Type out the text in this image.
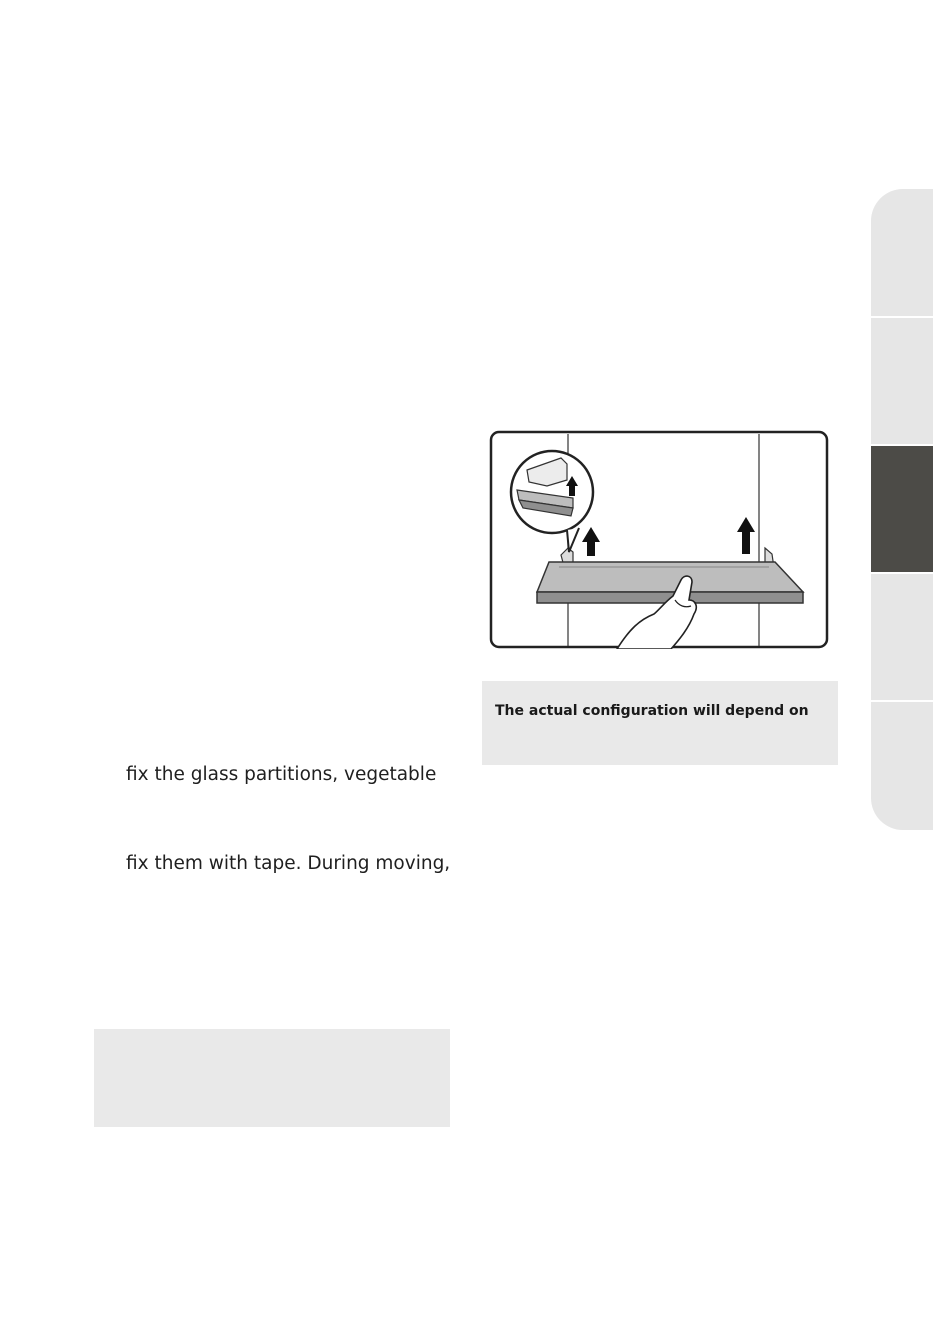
fix the glass partitions, vegetable

fix them with tape. During moving,

The actual configuration will depend on
